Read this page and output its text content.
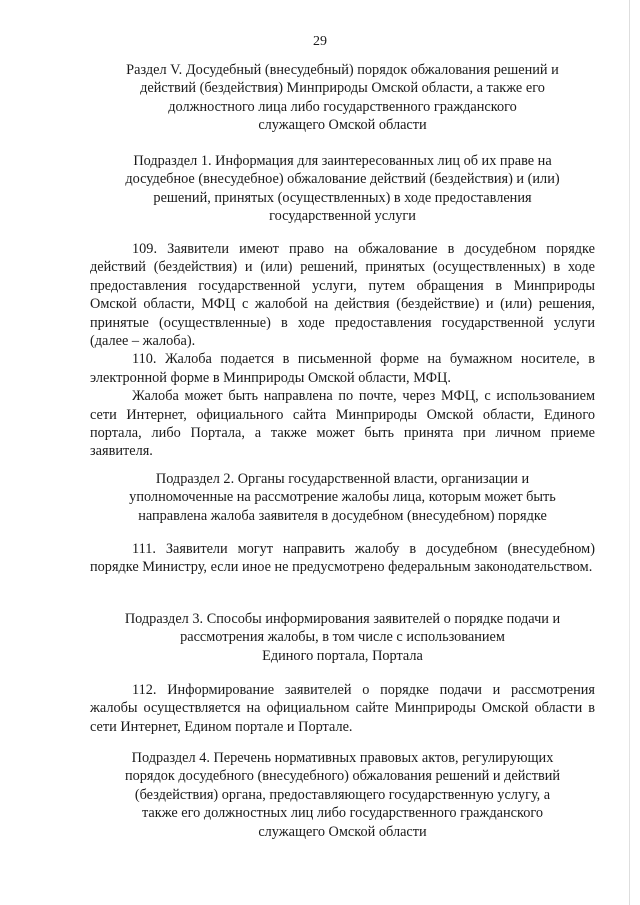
29
Раздел V. Досудебный (внесудебный) порядок обжалования решений и
действий (бездействия) Минприроды Омской области, а также его
должностного лица либо государственного гражданского
служащего Омской области
Подраздел 1. Информация для заинтересованных лиц об их праве на
досудебное (внесудебное) обжалование действий (бездействия) и (или)
решений, принятых (осуществленных) в ходе предоставления
государственной услуги

109. Заявители имеют право на обжалование в досудебном порядке действий (бездействия) и (или) решений, принятых (осуществленных) в ходе предоставления государственной услуги, путем обращения в Минприроды Омской области, МФЦ с жалобой на действия (бездействие) и (или) решения, принятые (осуществленные) в ходе предоставления государственной услуги (далее – жалоба).

110. Жалоба подается в письменной форме на бумажном носителе, в электронной форме в Минприроды Омской области, МФЦ.

Жалоба может быть направлена по почте, через МФЦ, с использованием сети Интернет, официального сайта Минприроды Омской области, Единого портала, либо Портала, а также может быть принята при личном приеме заявителя.

Подраздел 2. Органы государственной власти, организации и
уполномоченные на рассмотрение жалобы лица, которым может быть
направлена жалоба заявителя в досудебном (внесудебном) порядке

111. Заявители могут направить жалобу в досудебном (внесудебном) порядке Министру, если иное не предусмотрено федеральным законодательством.

Подраздел 3. Способы информирования заявителей о порядке подачи и
рассмотрения жалобы, в том числе с использованием
Единого портала, Портала

112. Информирование заявителей о порядке подачи и рассмотрения жалобы осуществляется на официальном сайте Минприроды Омской области в сети Интернет, Едином портале и Портале.

Подраздел 4. Перечень нормативных правовых актов, регулирующих
порядок досудебного (внесудебного) обжалования решений и действий
(бездействия) органа, предоставляющего государственную услугу, а
также его должностных лиц либо государственного гражданского
служащего Омской области
